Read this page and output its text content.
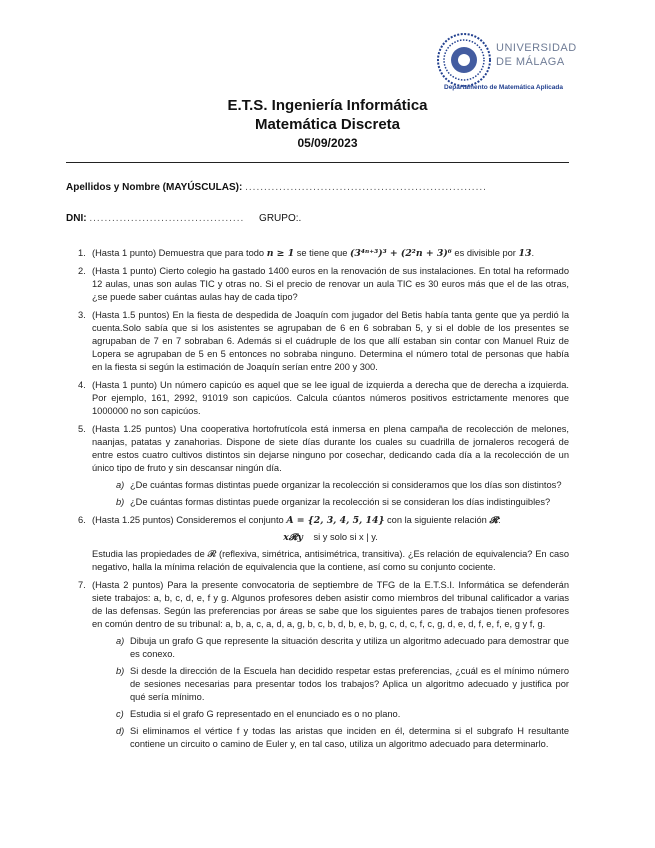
UNIVERSIDAD
DE MÁLAGA
Departamento de Matemática Aplicada
E.T.S. Ingeniería Informática
Matemática Discreta
05/09/2023
Apellidos y Nombre (MAYÚSCULAS): ................................................................
DNI: ......................................... GRUPO:.
1. (Hasta 1 punto) Demuestra que para todo n ≥ 1 se tiene que (3⁴ⁿ⁺³)³ + (2²n + 3)⁶ es divisible por 13.
2. (Hasta 1 punto) Cierto colegio ha gastado 1400 euros en la renovación de sus instalaciones. En total ha reformado 12 aulas, unas son aulas TIC y otras no. Si el precio de renovar un aula TIC es 30 euros más que el de las otras, ¿se puede saber cuántas aulas hay de cada tipo?
3. (Hasta 1.5 puntos) En la fiesta de despedida de Joaquín com jugador del Betis había tanta gente que ya perdió la cuenta.Solo sabía que si los asistentes se agrupaban de 6 en 6 sobraban 5, y si el doble de los presentes se agrupaban de 7 en 7 sobraban 6. Además si el cuádruple de los que allí estaban sin contar con Manuel Ruiz de Lopera se agrupaban de 5 en 5 entonces no sobraba ninguno. Determina el número total de personas que había en la fiesta si según la estimación de Joaquín serían entre 200 y 300.
4. (Hasta 1 punto) Un número capicúo es aquel que se lee igual de izquierda a derecha que de derecha a izquierda. Por ejemplo, 161, 2992, 91019 son capicúos. Calcula cúantos números positivos estrictamente menores que 1000000 no son capicúos.
5. (Hasta 1.25 puntos) Una cooperativa hortofrutícola está inmersa en plena campaña de recolección de melones, naanjas, patatas y zanahorias. Dispone de siete días durante los cuales su cuadrilla de jornaleros recogerá de entre estos cuatro cultivos distintos sin dejarse ninguno por cosechar, dedicando cada día a la recolección de un único tipo de fruto y sin descansar ningún día.
a) ¿De cuántas formas distintas puede organizar la recolección si consideramos que los días son distintos?
b) ¿De cuántas formas distintas puede organizar la recolección si se consideran los días indistinguibles?
6. (Hasta 1.25 puntos) Consideremos el conjunto A = {2, 3, 4, 5, 14} con la siguiente relación 𝓡:
x𝓡y si y solo si x | y.
Estudia las propiedades de 𝓡 (reflexiva, simétrica, antisimétrica, transitiva). ¿Es relación de equivalencia? En caso negativo, halla la mínima relación de equivalencia que la contiene, así como su conjunto cociente.
7. (Hasta 2 puntos) Para la presente convocatoria de septiembre de TFG de la E.T.S.I. Informática se defenderán siete trabajos: a, b, c, d, e, f y g. Algunos profesores deben asistir como miembros del tribunal calificador a varias de las defensas. Según las preferencias por áreas se sabe que los siguientes pares de trabajos tienen profesores en común dentro de su tribunal: a, b, a, c, a, d, a, g, b, c, b, d, b, e, b, g, c, d, c, f, c, g, d, e, d, f, e, f, e, g y f, g.
a) Dibuja un grafo G que represente la situación descrita y utiliza un algoritmo adecuado para demostrar que es conexo.
b) Si desde la dirección de la Escuela han decidido respetar estas preferencias, ¿cuál es el mínimo número de sesiones necesarias para presentar todos los trabajos? Aplica un algoritmo adecuado y justifica por qué sería mínimo.
c) Estudia si el grafo G representado en el enunciado es o no plano.
d) Si eliminamos el vértice f y todas las aristas que inciden en él, determina si el subgrafo H resultante contiene un circuito o camino de Euler y, en tal caso, utiliza un algoritmo adecuado para determinarlo.
